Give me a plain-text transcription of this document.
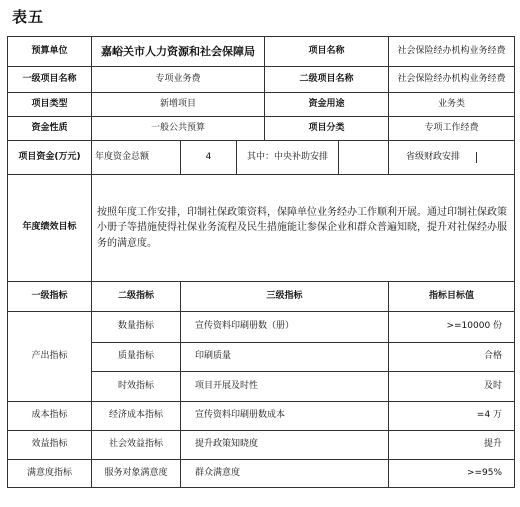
表五
预算单位	嘉峪关市人力资源和社会保障局			项目名称		社会保险经办机构业务经费
一级项目名称	专项业务费			二级项目名称		社会保险经办机构业务经费
项目类型	新增项目			资金用途		业务类
资金性质	一般公共预算			项目分类		专项工作经费
项目资金(万元)	年度资金总额	4	其中：中央补助安排			省级财政安排

年度绩效目标	按照年度工作安排，印制社保政策资料，保障单位业务经办工作顺利开展。通过印制社保政策小册子等措施使得社保业务流程及民生措施能让参保企业和群众普遍知晓，提升对社保经办服务的满意度。					
一级指标	二级指标	三级指标				指标目标值
产出指标	数量指标	宣传资料印刷册数（册）				>=10000 份
	质量指标	印刷质量				合格
	时效指标	项目开展及时性				及时
成本指标	经济成本指标	宣传资料印刷册数成本				=4 万
效益指标	社会效益指标	提升政策知晓度				提升
满意度指标	服务对象满意度	群众满意度				>=95%
